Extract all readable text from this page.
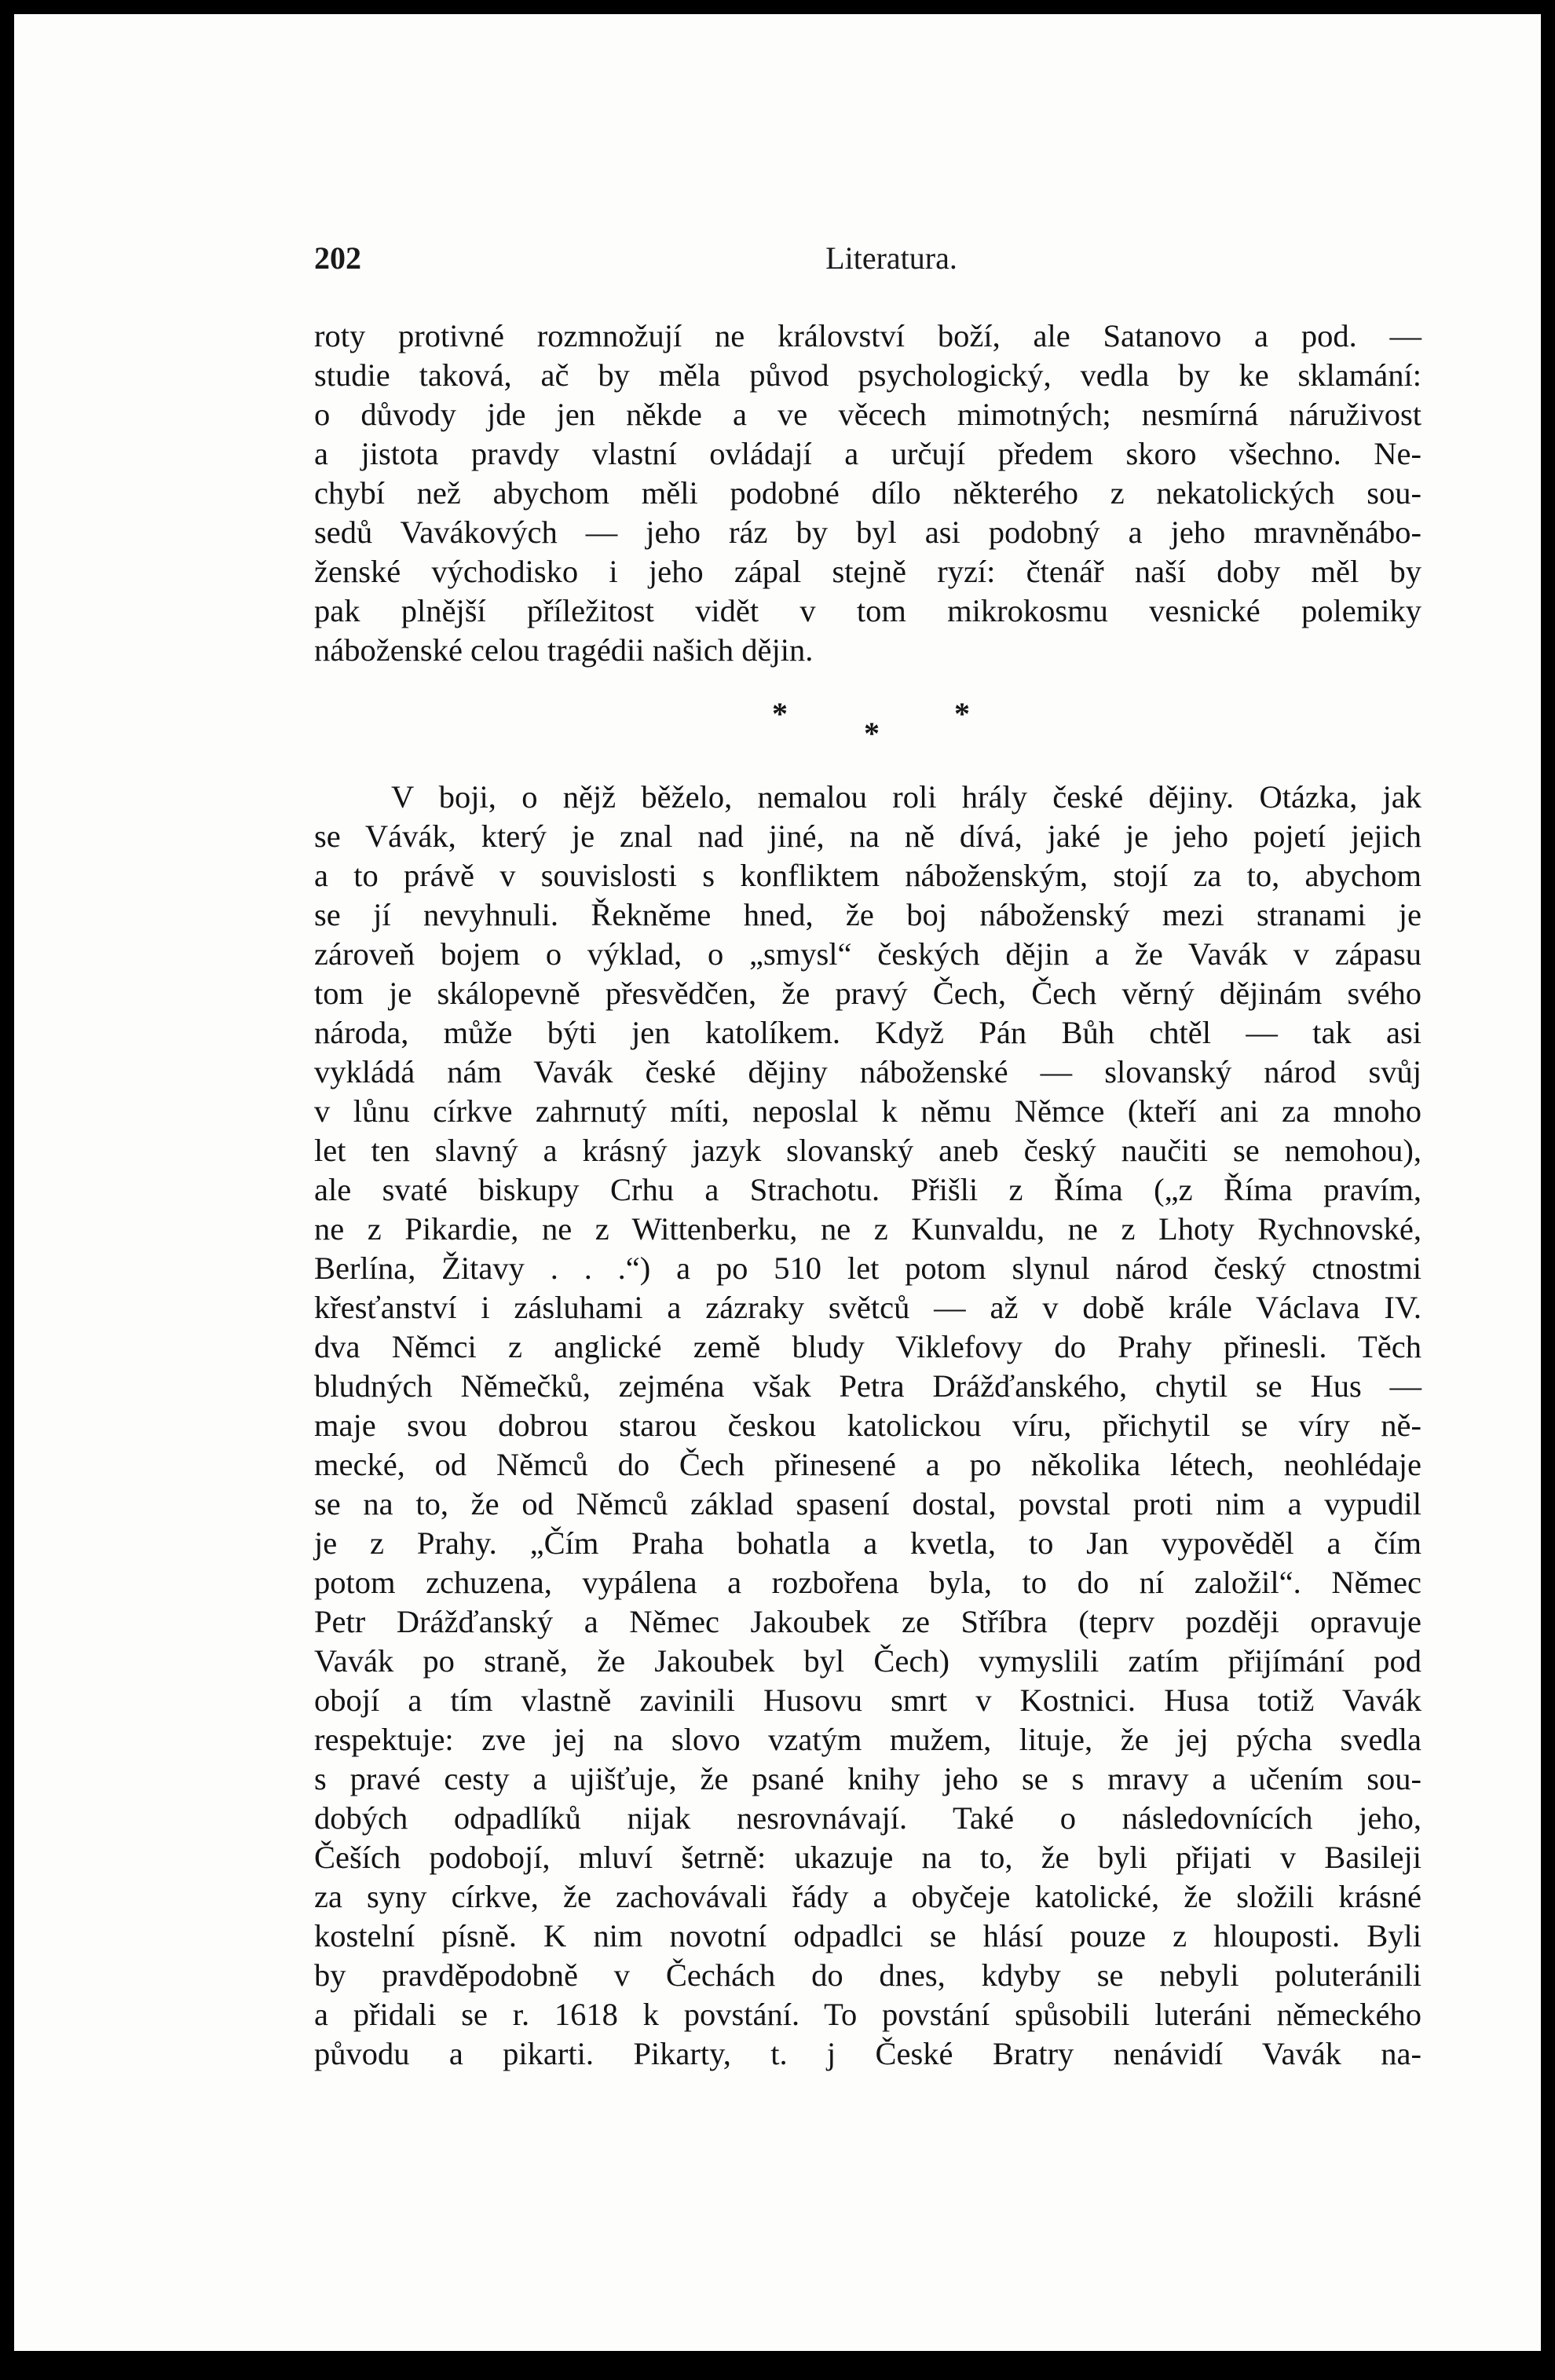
202	Literatura.
roty protivné rozmnožují ne království boží, ale Satanovo a pod. —
studie taková, ač by měla původ psychologický, vedla by ke sklamání:
o důvody jde jen někde a ve věcech mimotných; nesmírná náruživost
a jistota pravdy vlastní ovládají a určují předem skoro všechno. Ne-
chybí než abychom měli podobné dílo některého z nekatolických sou-
sedů Vavákových — jeho ráz by byl asi podobný a jeho mravněnábo-
ženské východisko i jeho zápal stejně ryzí: čtenář naší doby měl by
pak plnější příležitost vidět v tom mikrokosmu vesnické polemiky
náboženské celou tragédii našich dějin.
*
*
*
V boji, o nějž běželo, nemalou roli hrály české dějiny. Otázka, jak
se Vávák, který je znal nad jiné, na ně dívá, jaké je jeho pojetí jejich
a to právě v souvislosti s konfliktem náboženským, stojí za to, abychom
se jí nevyhnuli. Řekněme hned, že boj náboženský mezi stranami je
zároveň bojem o výklad, o „smysl“ českých dějin a že Vavák v zápasu
tom je skálopevně přesvědčen, že pravý Čech, Čech věrný dějinám svého
národa, může býti jen katolíkem. Když Pán Bůh chtěl — tak asi
vykládá nám Vavák české dějiny náboženské — slovanský národ svůj
v lůnu církve zahrnutý míti, neposlal k němu Němce (kteří ani za mnoho
let ten slavný a krásný jazyk slovanský aneb český naučiti se nemohou),
ale svaté biskupy Crhu a Strachotu. Přišli z Říma („z Říma pravím,
ne z Pikardie, ne z Wittenberku, ne z Kunvaldu, ne z Lhoty Rychnovské,
Berlína, Žitavy . . .“) a po 510 let potom slynul národ český ctnostmi
křesťanství i zásluhami a zázraky světců — až v době krále Václava IV.
dva Němci z anglické země bludy Viklefovy do Prahy přinesli. Těch
bludných Němečků, zejména však Petra Drážďanského, chytil se Hus —
maje svou dobrou starou českou katolickou víru, přichytil se víry ně-
mecké, od Němců do Čech přinesené a po několika létech, neohlédaje
se na to, že od Němců základ spasení dostal, povstal proti nim a vypudil
je z Prahy. „Čím Praha bohatla a kvetla, to Jan vypověděl a čím
potom zchuzena, vypálena a rozbořena byla, to do ní založil“. Němec
Petr Drážďanský a Němec Jakoubek ze Stříbra (teprv později opravuje
Vavák po straně, že Jakoubek byl Čech) vymyslili zatím přijímání pod
obojí a tím vlastně zavinili Husovu smrt v Kostnici. Husa totiž Vavák
respektuje: zve jej na slovo vzatým mužem, lituje, že jej pýcha svedla
s pravé cesty a ujišťuje, že psané knihy jeho se s mravy a učením sou-
dobých odpadlíků nijak nesrovnávají. Také o následovnících jeho,
Češích podobojí, mluví šetrně: ukazuje na to, že byli přijati v Basileji
za syny církve, že zachovávali řády a obyčeje katolické, že složili krásné
kostelní písně. K nim novotní odpadlci se hlásí pouze z hlouposti. Byli
by pravděpodobně v Čechách do dnes, kdyby se nebyli poluteránili
a přidali se r. 1618 k povstání. To povstání spůsobili luteráni německého
původu a pikarti. Pikarty, t. j České Bratry nenávidí Vavák na-
